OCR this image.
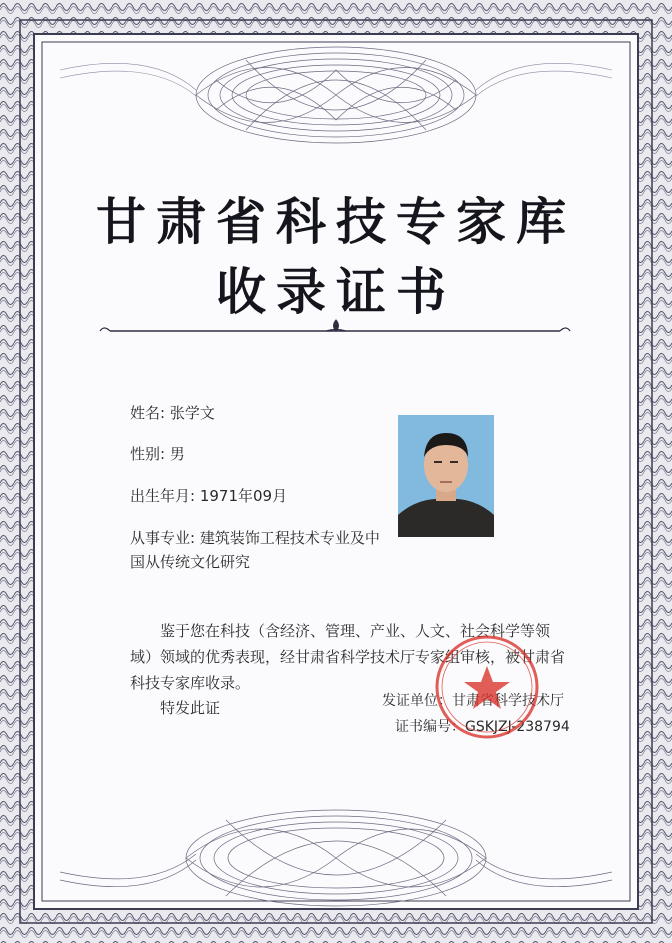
甘肃省科技专家库
收录证书
姓名: 张学文
性别: 男
出生年月: 1971年09月
从事专业: 建筑装饰工程技术专业及中
国从传统文化研究
鉴于您在科技（含经济、管理、产业、人文、社会科学等领域）领域的优秀表现，经甘肃省科学技术厅专家组审核，被甘肃省科技专家库收录。
特发此证	发证单位：甘肃省科学技术厅
证书编号：GSKJZJ-238794
